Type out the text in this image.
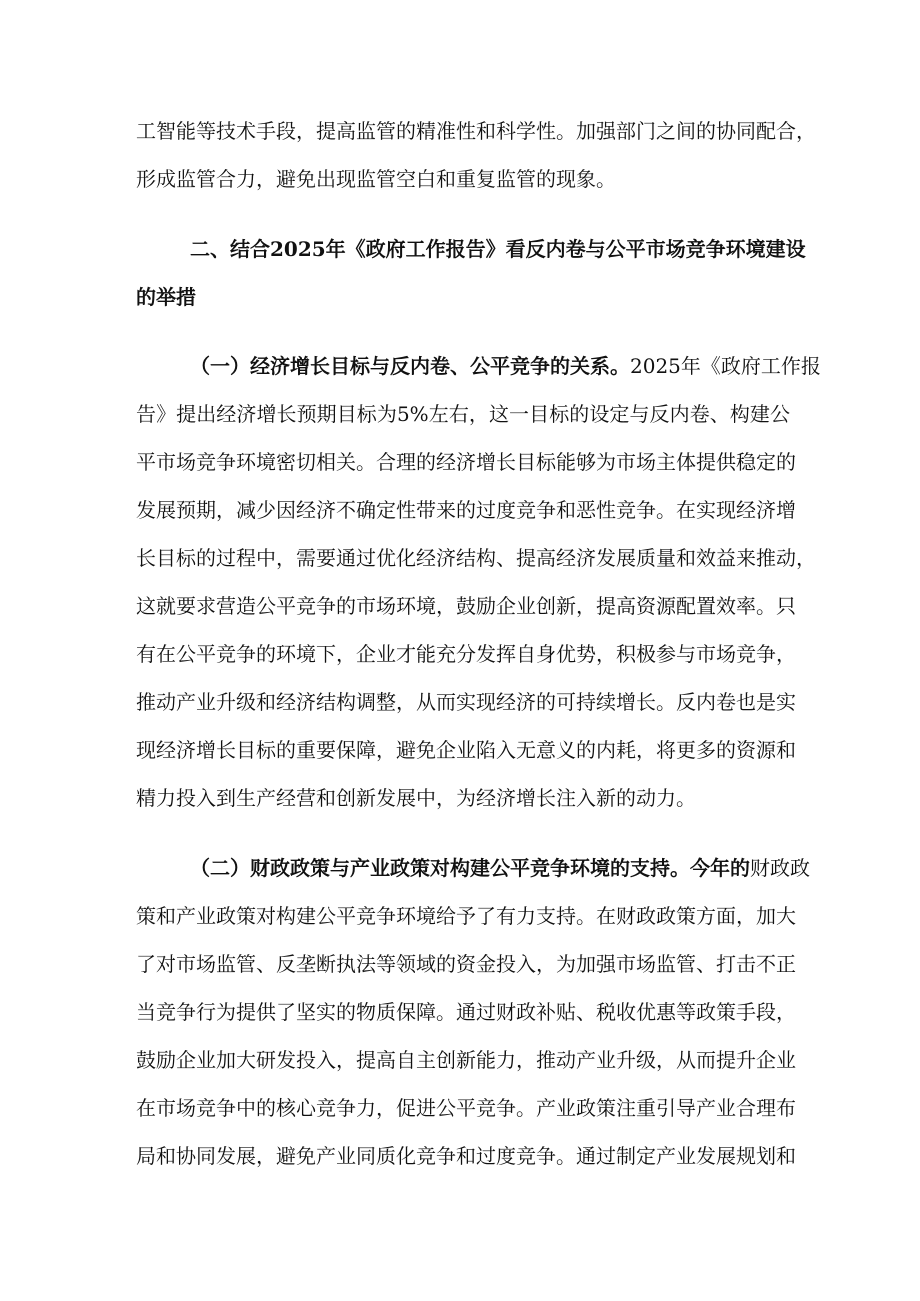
工智能等技术手段，提高监管的精准性和科学性。加强部门之间的协同配合，
形成监管合力，避免出现监管空白和重复监管的现象。
二、结合2025年《政府工作报告》看反内卷与公平市场竞争环境建设
的举措
（一）经济增长目标与反内卷、公平竞争的关系。2025年《政府工作报
告》提出经济增长预期目标为5%左右，这一目标的设定与反内卷、构建公
平市场竞争环境密切相关。合理的经济增长目标能够为市场主体提供稳定的
发展预期，减少因经济不确定性带来的过度竞争和恶性竞争。在实现经济增
长目标的过程中，需要通过优化经济结构、提高经济发展质量和效益来推动，
这就要求营造公平竞争的市场环境，鼓励企业创新，提高资源配置效率。只
有在公平竞争的环境下，企业才能充分发挥自身优势，积极参与市场竞争，
推动产业升级和经济结构调整，从而实现经济的可持续增长。反内卷也是实
现经济增长目标的重要保障，避免企业陷入无意义的内耗，将更多的资源和
精力投入到生产经营和创新发展中，为经济增长注入新的动力。
（二）财政政策与产业政策对构建公平竞争环境的支持。今年的财政政
策和产业政策对构建公平竞争环境给予了有力支持。在财政政策方面，加大
了对市场监管、反垄断执法等领域的资金投入，为加强市场监管、打击不正
当竞争行为提供了坚实的物质保障。通过财政补贴、税收优惠等政策手段，
鼓励企业加大研发投入，提高自主创新能力，推动产业升级，从而提升企业
在市场竞争中的核心竞争力，促进公平竞争。产业政策注重引导产业合理布
局和协同发展，避免产业同质化竞争和过度竞争。通过制定产业发展规划和
